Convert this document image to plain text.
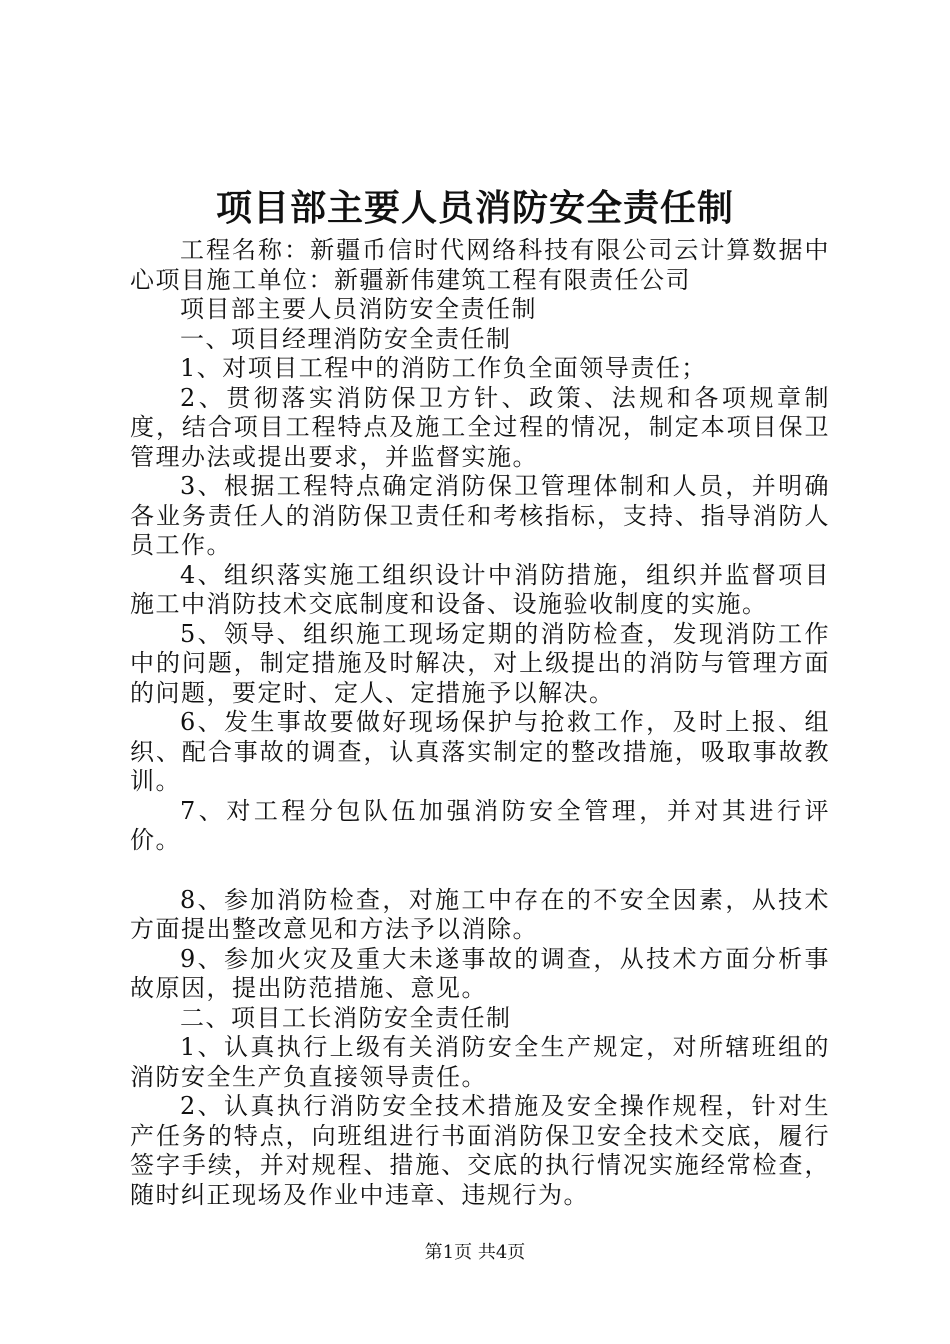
项目部主要人员消防安全责任制

工程名称：新疆币信时代网络科技有限公司云计算数据中心项目施工单位：新疆新伟建筑工程有限责任公司

项目部主要人员消防安全责任制

一、项目经理消防安全责任制

1、对项目工程中的消防工作负全面领导责任；

2、贯彻落实消防保卫方针、政策、法规和各项规章制度，结合项目工程特点及施工全过程的情况，制定本项目保卫管理办法或提出要求，并监督实施。

3、根据工程特点确定消防保卫管理体制和人员，并明确各业务责任人的消防保卫责任和考核指标，支持、指导消防人员工作。

4、组织落实施工组织设计中消防措施，组织并监督项目施工中消防技术交底制度和设备、设施验收制度的实施。

5、领导、组织施工现场定期的消防检查，发现消防工作中的问题，制定措施及时解决，对上级提出的消防与管理方面的问题，要定时、定人、定措施予以解决。

6、发生事故要做好现场保护与抢救工作，及时上报、组织、配合事故的调查，认真落实制定的整改措施，吸取事故教训。

7、对工程分包队伍加强消防安全管理，并对其进行评价。

8、参加消防检查，对施工中存在的不安全因素，从技术方面提出整改意见和方法予以消除。

9、参加火灾及重大未遂事故的调查，从技术方面分析事故原因，提出防范措施、意见。

二、项目工长消防安全责任制

1、认真执行上级有关消防安全生产规定，对所辖班组的消防安全生产负直接领导责任。

2、认真执行消防安全技术措施及安全操作规程，针对生产任务的特点，向班组进行书面消防保卫安全技术交底，履行签字手续，并对规程、措施、交底的执行情况实施经常检查，随时纠正现场及作业中违章、违规行为。

第1页 共4页
